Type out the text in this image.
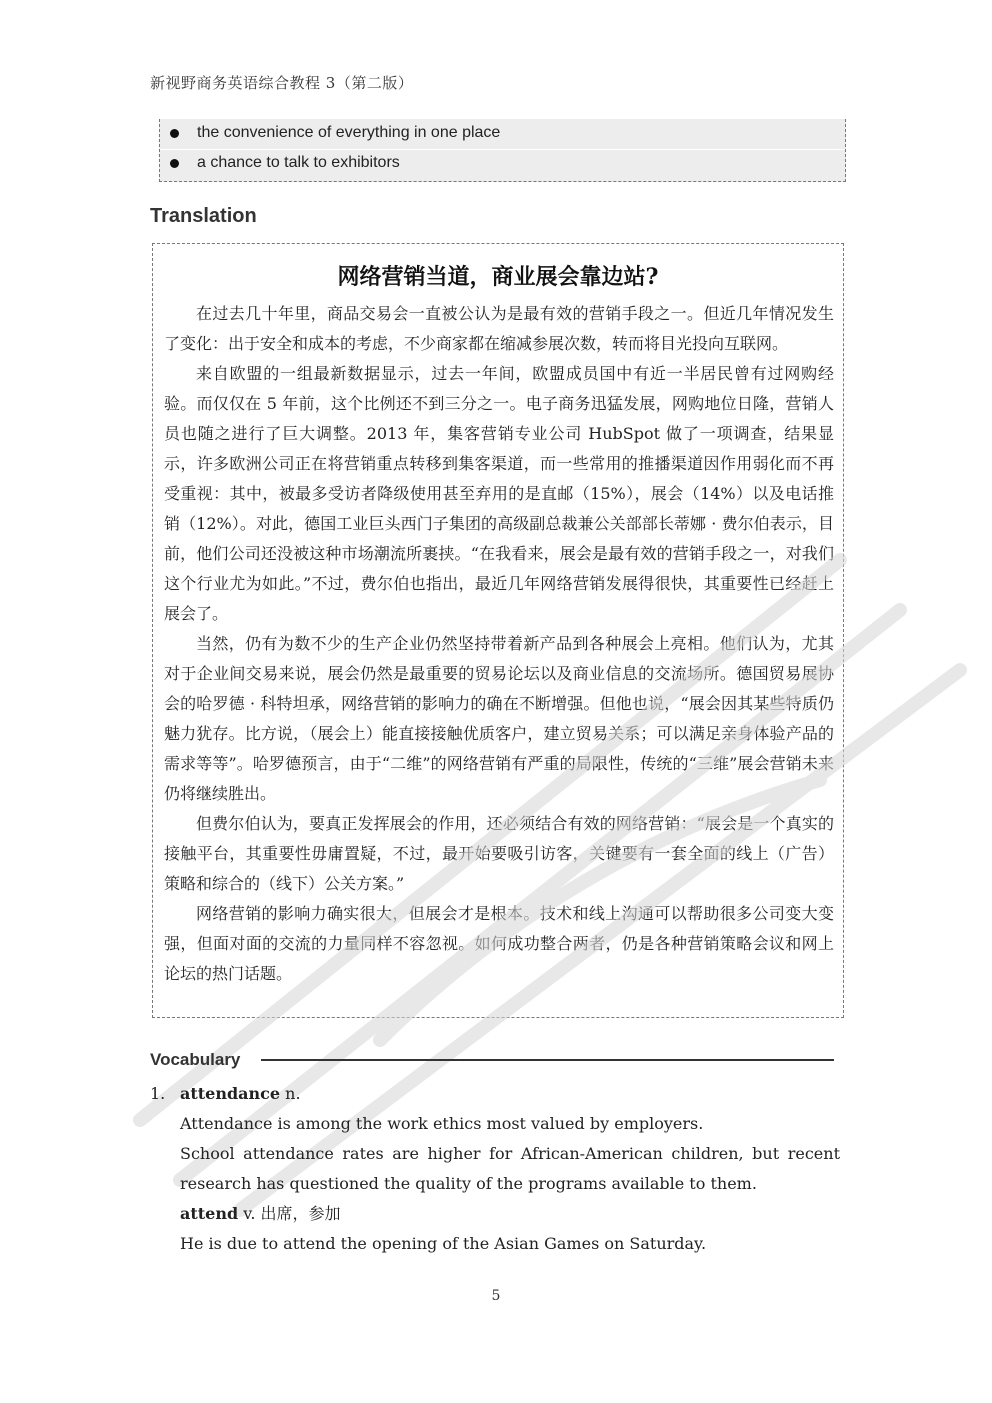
新视野商务英语综合教程 3（第二版）
the convenience of everything in one place
a chance to talk to exhibitors
Translation
网络营销当道，商业展会靠边站?

在过去几十年里，商品交易会一直被公认为是最有效的营销手段之一。但近几年情况发生了变化：出于安全和成本的考虑，不少商家都在缩减参展次数，转而将目光投向互联网。

来自欧盟的一组最新数据显示，过去一年间，欧盟成员国中有近一半居民曾有过网购经验。而仅仅在 5 年前，这个比例还不到三分之一。电子商务迅猛发展，网购地位日隆，营销人员也随之进行了巨大调整。2013 年，集客营销专业公司 HubSpot 做了一项调查，结果显示，许多欧洲公司正在将营销重点转移到集客渠道，而一些常用的推播渠道因作用弱化而不再受重视：其中，被最多受访者降级使用甚至弃用的是直邮（15%），展会（14%）以及电话推销（12%）。对此，德国工业巨头西门子集团的高级副总裁兼公关部部长蒂娜 · 费尔伯表示，目前，他们公司还没被这种市场潮流所裹挟。“在我看来，展会是最有效的营销手段之一，对我们这个行业尤为如此。”不过，费尔伯也指出，最近几年网络营销发展得很快，其重要性已经赶上展会了。

当然，仍有为数不少的生产企业仍然坚持带着新产品到各种展会上亮相。他们认为，尤其对于企业间交易来说，展会仍然是最重要的贸易论坛以及商业信息的交流场所。德国贸易展协会的哈罗德 · 科特坦承，网络营销的影响力的确在不断增强。但他也说，“展会因其某些特质仍魅力犹存。比方说，（展会上）能直接接触优质客户，建立贸易关系；可以满足亲身体验产品的需求等等”。哈罗德预言，由于“二维”的网络营销有严重的局限性，传统的“三维”展会营销未来仍将继续胜出。

但费尔伯认为，要真正发挥展会的作用，还必须结合有效的网络营销：“展会是一个真实的接触平台，其重要性毋庸置疑，不过，最开始要吸引访客，关键要有一套全面的线上（广告）策略和综合的（线下）公关方案。”

网络营销的影响力确实很大，但展会才是根本。技术和线上沟通可以帮助很多公司变大变强，但面对面的交流的力量同样不容忽视。如何成功整合两者，仍是各种营销策略会议和网上论坛的热门话题。

Vocabulary
1. attendance n.
Attendance is among the work ethics most valued by employers.
School attendance rates are higher for African-American children, but recent research has questioned the quality of the programs available to them.
attend v. 出席，参加
He is due to attend the opening of the Asian Games on Saturday.
5
